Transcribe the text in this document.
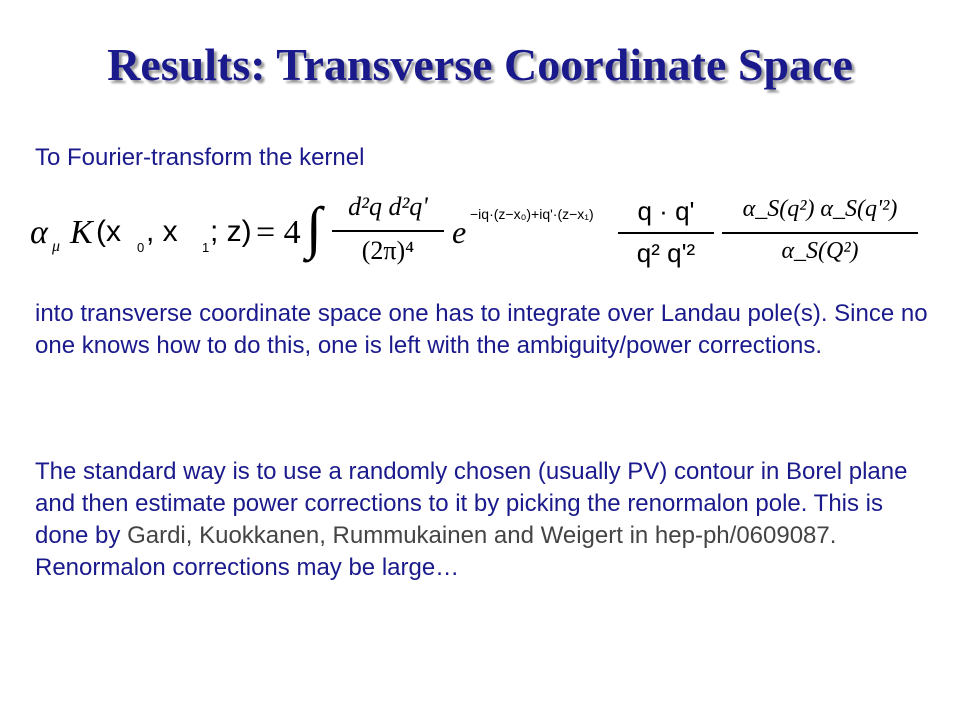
Results: Transverse Coordinate Space
To Fourier-transform the kernel
α μ K (x 0 , x 1 ; z) = 4 ∫	d²q d²q'
(2π)⁴
e −iq·(z−x₀)+iq'·(z−x₁)	q · q'
q² q'²
α_S(q²) α_S(q'²)
α_S(Q²)
into transverse coordinate space one has to integrate over Landau pole(s). Since no one knows how to do this, one is left with the ambiguity/power corrections.
The standard way is to use a randomly chosen (usually PV) contour in Borel plane and then estimate power corrections to it by picking the renormalon pole. This is done by Gardi, Kuokkanen, Rummukainen and Weigert in hep-ph/0609087. Renormalon corrections may be large…
